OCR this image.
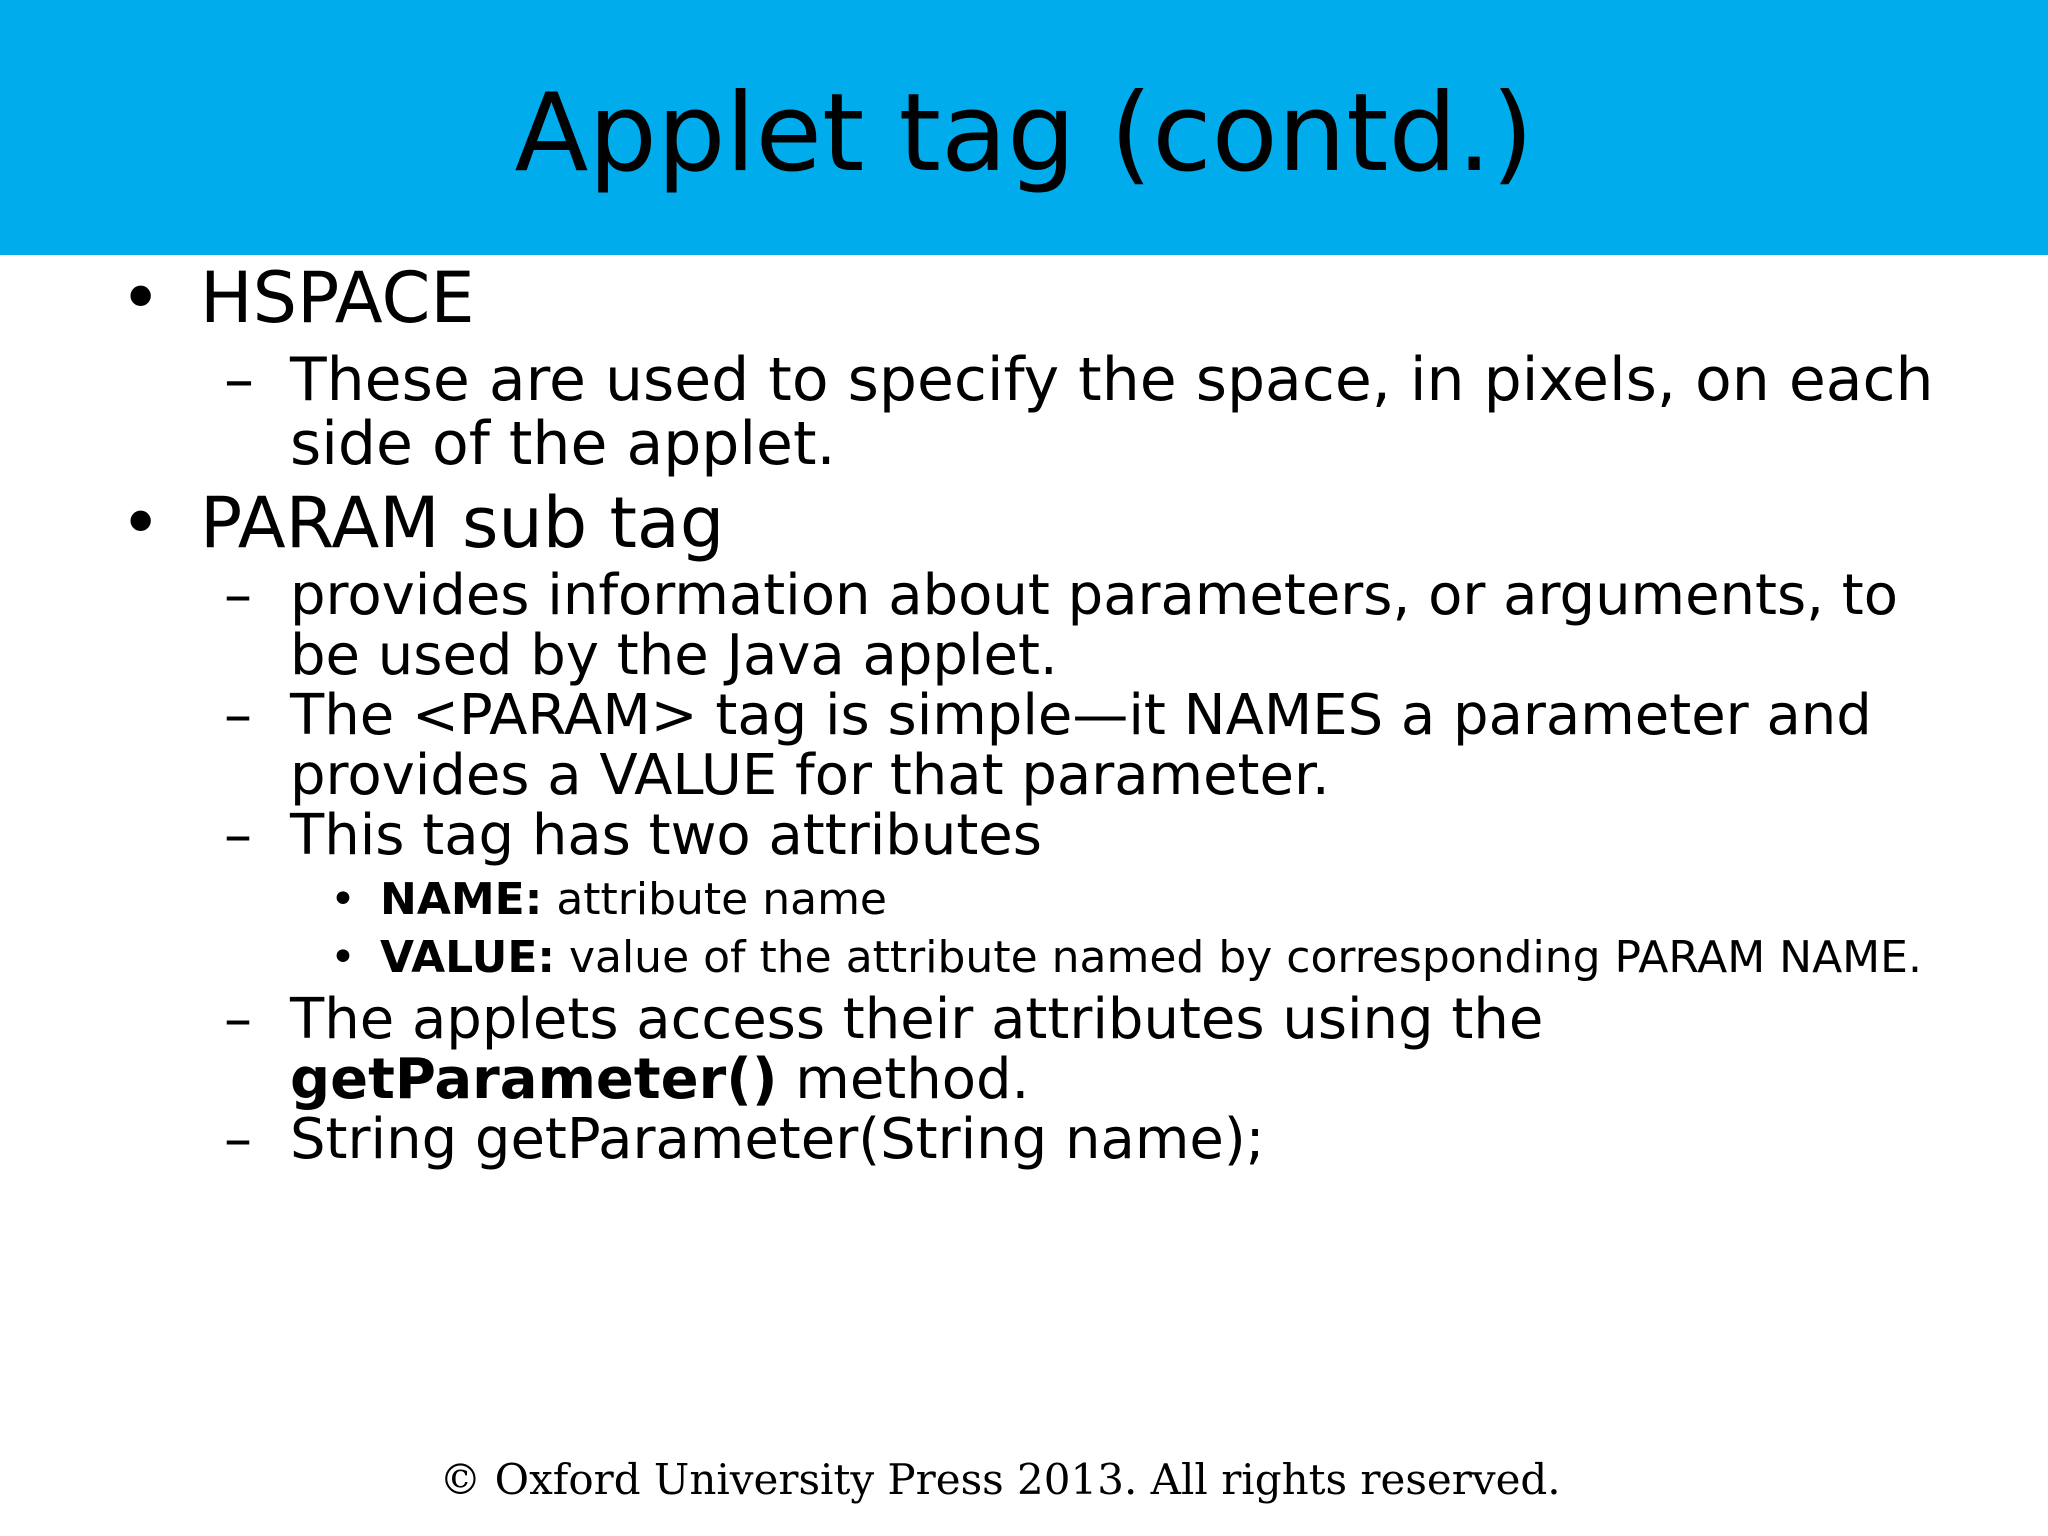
Applet tag (contd.)
• HSPACE
– These are used to specify the space, in pixels, on each side of the applet.
• PARAM sub tag
– provides information about parameters, or arguments, to be used by the Java applet.
– The <PARAM> tag is simple—it NAMES a parameter and provides a VALUE for that parameter.
– This tag has two attributes
• NAME: attribute name
• VALUE: value of the attribute named by corresponding PARAM NAME.
– The applets access their attributes using the getParameter() method.
– String getParameter(String name);
© Oxford University Press 2013. All rights reserved.
